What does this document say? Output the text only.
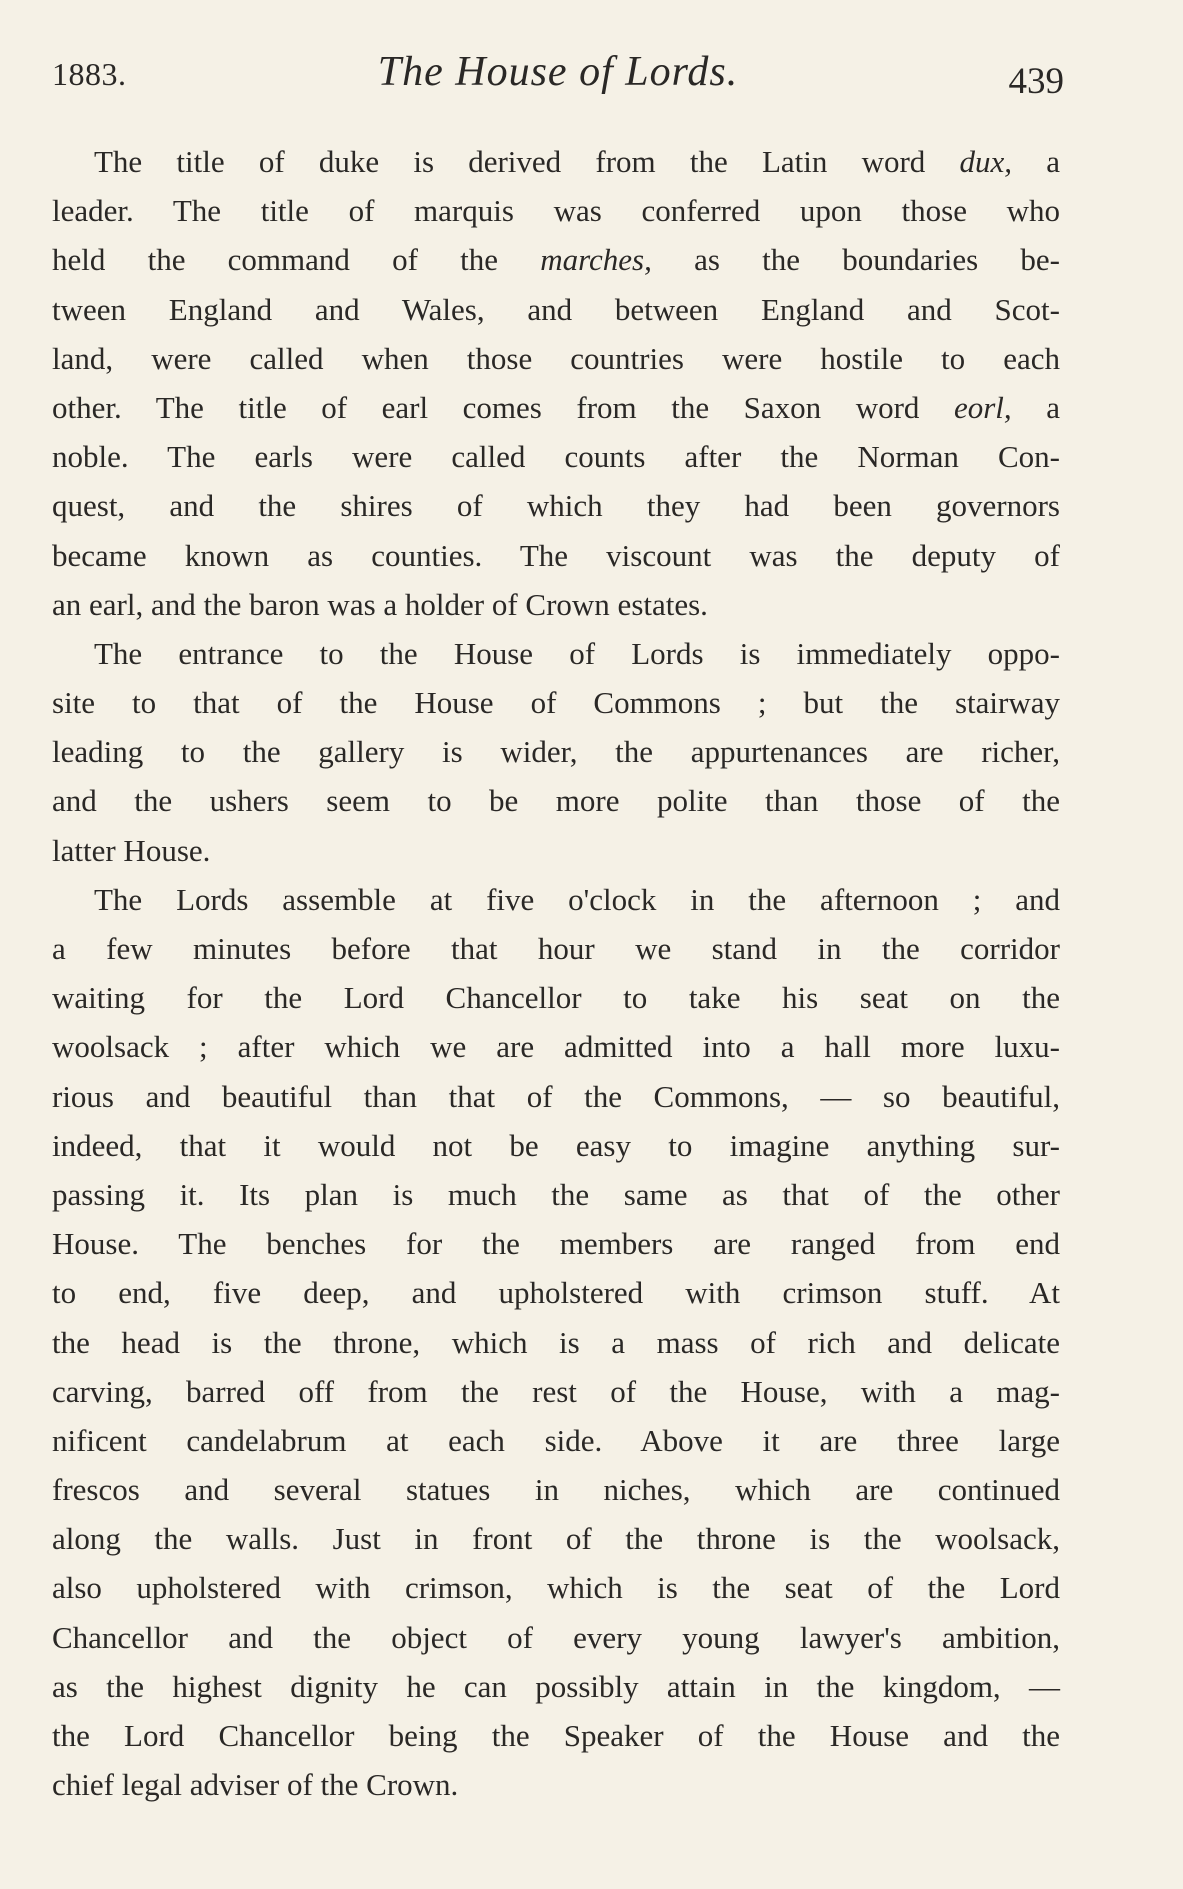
1883.	The House of Lords.	439
The title of duke is derived from the Latin word dux, a
leader. The title of marquis was conferred upon those who
held the command of the marches, as the boundaries be-
tween England and Wales, and between England and Scot-
land, were called when those countries were hostile to each
other. The title of earl comes from the Saxon word eorl, a
noble. The earls were called counts after the Norman Con-
quest, and the shires of which they had been governors
became known as counties. The viscount was the deputy of
an earl, and the baron was a holder of Crown estates.
The entrance to the House of Lords is immediately oppo-
site to that of the House of Commons ; but the stairway
leading to the gallery is wider, the appurtenances are richer,
and the ushers seem to be more polite than those of the
latter House.
The Lords assemble at five o'clock in the afternoon ; and
a few minutes before that hour we stand in the corridor
waiting for the Lord Chancellor to take his seat on the
woolsack ; after which we are admitted into a hall more luxu-
rious and beautiful than that of the Commons, — so beautiful,
indeed, that it would not be easy to imagine anything sur-
passing it. Its plan is much the same as that of the other
House. The benches for the members are ranged from end
to end, five deep, and upholstered with crimson stuff. At
the head is the throne, which is a mass of rich and delicate
carving, barred off from the rest of the House, with a mag-
nificent candelabrum at each side. Above it are three large
frescos and several statues in niches, which are continued
along the walls. Just in front of the throne is the woolsack,
also upholstered with crimson, which is the seat of the Lord
Chancellor and the object of every young lawyer's ambition,
as the highest dignity he can possibly attain in the kingdom, —
the Lord Chancellor being the Speaker of the House and the
chief legal adviser of the Crown.
